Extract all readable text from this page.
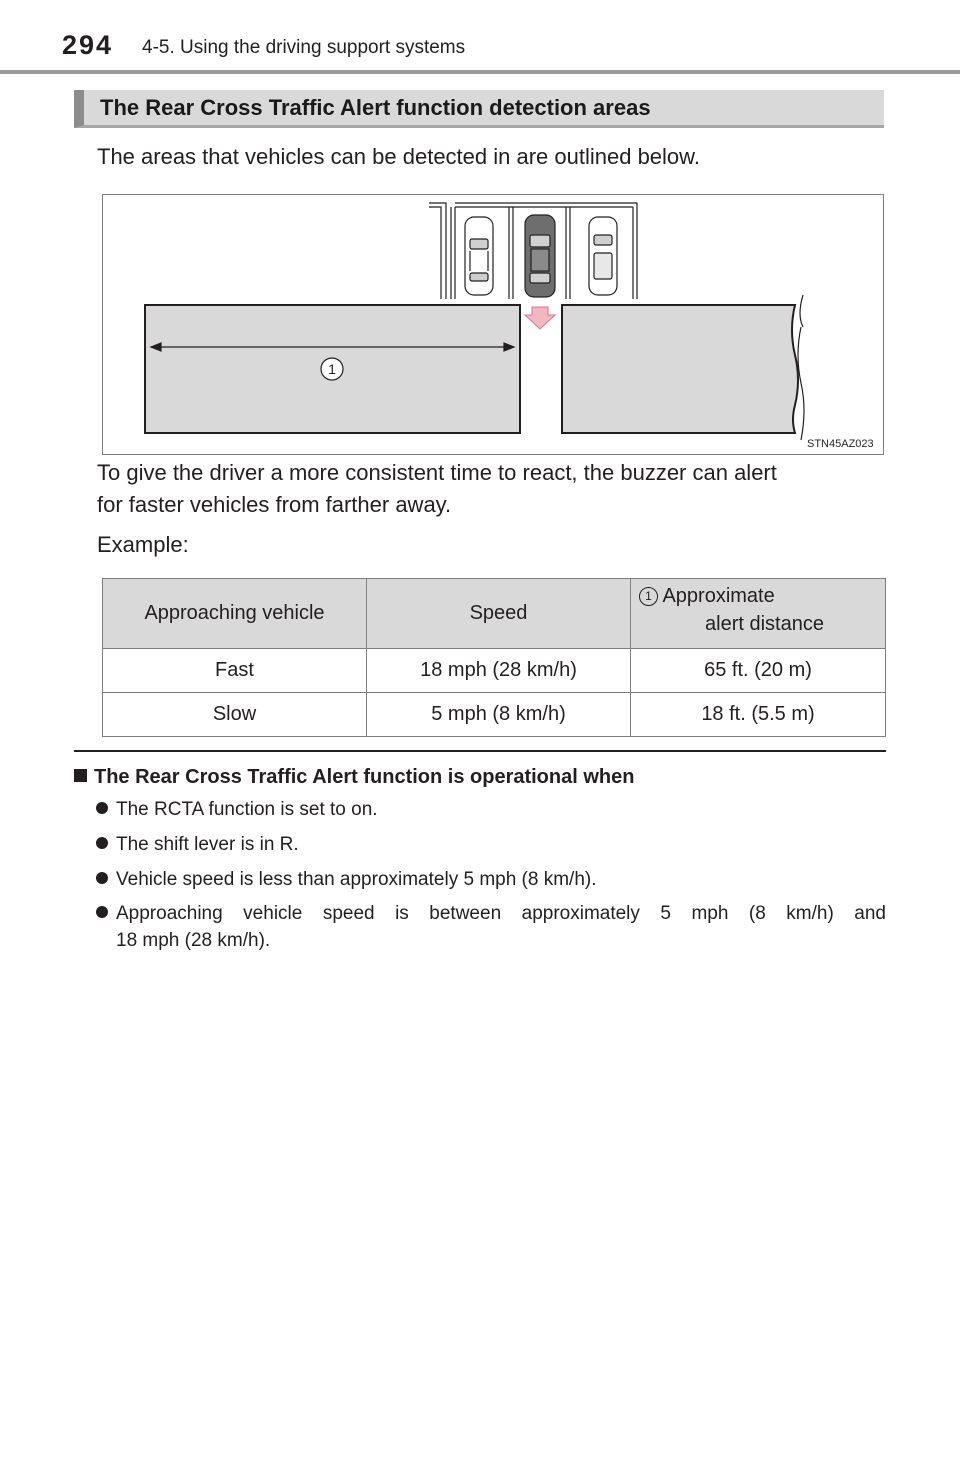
294 4-5. Using the driving support systems
The Rear Cross Traffic Alert function detection areas
The areas that vehicles can be detected in are outlined below.
1
STN45AZ023
To give the driver a more consistent time to react, the buzzer can alert
for faster vehicles from farther away.
Example:
Approaching vehicle	Speed	1 Approximate
alert distance

Fast	18 mph (28 km/h)	65 ft. (20 m)
Slow	5 mph (8 km/h)	18 ft. (5.5 m)
The Rear Cross Traffic Alert function is operational when
The RCTA function is set to on.
The shift lever is in R.
Vehicle speed is less than approximately 5 mph (8 km/h).
Approaching vehicle speed is between approximately 5 mph (8 km/h) and
18 mph (28 km/h).
